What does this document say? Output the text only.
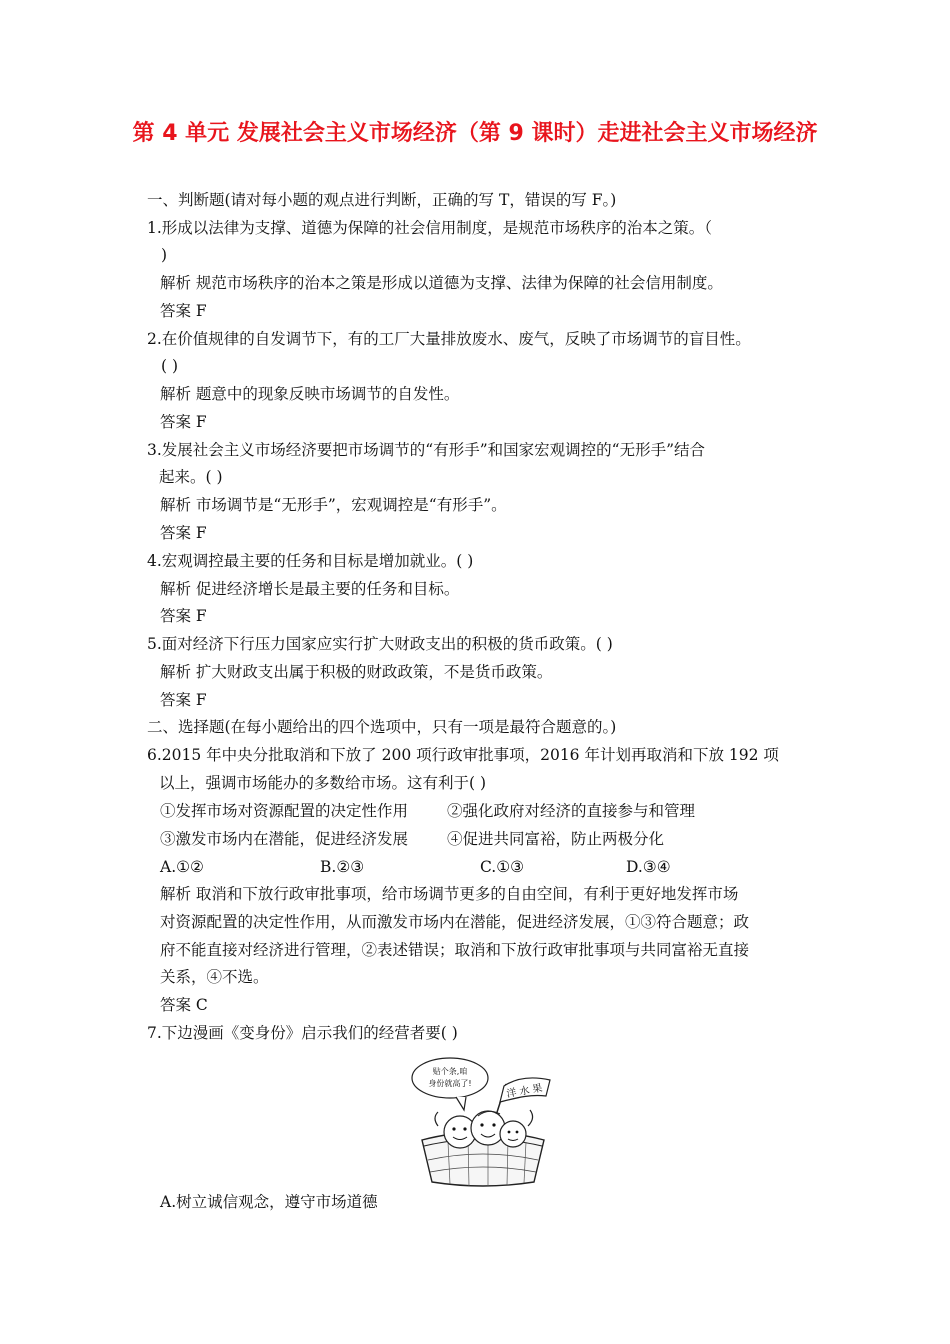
第 4 单元 发展社会主义市场经济（第 9 课时）走进社会主义市场经济
一、判断题(请对每小题的观点进行判断，正确的写 T，错误的写 F。)
1.形成以法律为支撑、道德为保障的社会信用制度，是规范市场秩序的治本之策。（
)
解析 规范市场秩序的治本之策是形成以道德为支撑、法律为保障的社会信用制度。
答案 F
2.在价值规律的自发调节下，有的工厂大量排放废水、废气，反映了市场调节的盲目性。
( )
解析 题意中的现象反映市场调节的自发性。
答案 F
3.发展社会主义市场经济要把市场调节的“有形手”和国家宏观调控的“无形手”结合
起来。( )
解析 市场调节是“无形手”，宏观调控是“有形手”。
答案 F
4.宏观调控最主要的任务和目标是增加就业。( )
解析 促进经济增长是最主要的任务和目标。
答案 F
5.面对经济下行压力国家应实行扩大财政支出的积极的货币政策。( )
解析 扩大财政支出属于积极的财政政策，不是货币政策。
答案 F
二、选择题(在每小题给出的四个选项中，只有一项是最符合题意的。)
6.2015 年中央分批取消和下放了 200 项行政审批事项，2016 年计划再取消和下放 192 项
以上，强调市场能办的多数给市场。这有利于( )
①发挥市场对资源配置的决定性作用	②强化政府对经济的直接参与和管理
③激发市场内在潜能，促进经济发展	④促进共同富裕，防止两极分化
A.①②	B.②③	C.①③	D.③④
解析 取消和下放行政审批事项，给市场调节更多的自由空间，有利于更好地发挥市场
对资源配置的决定性作用，从而激发市场内在潜能，促进经济发展，①③符合题意；政
府不能直接对经济进行管理，②表述错误；取消和下放行政审批事项与共同富裕无直接
关系，④不选。
答案 C
7.下边漫画《变身份》启示我们的经营者要( )
贴个条,咱
身份就高了!	洋 水 果
A.树立诚信观念，遵守市场道德
